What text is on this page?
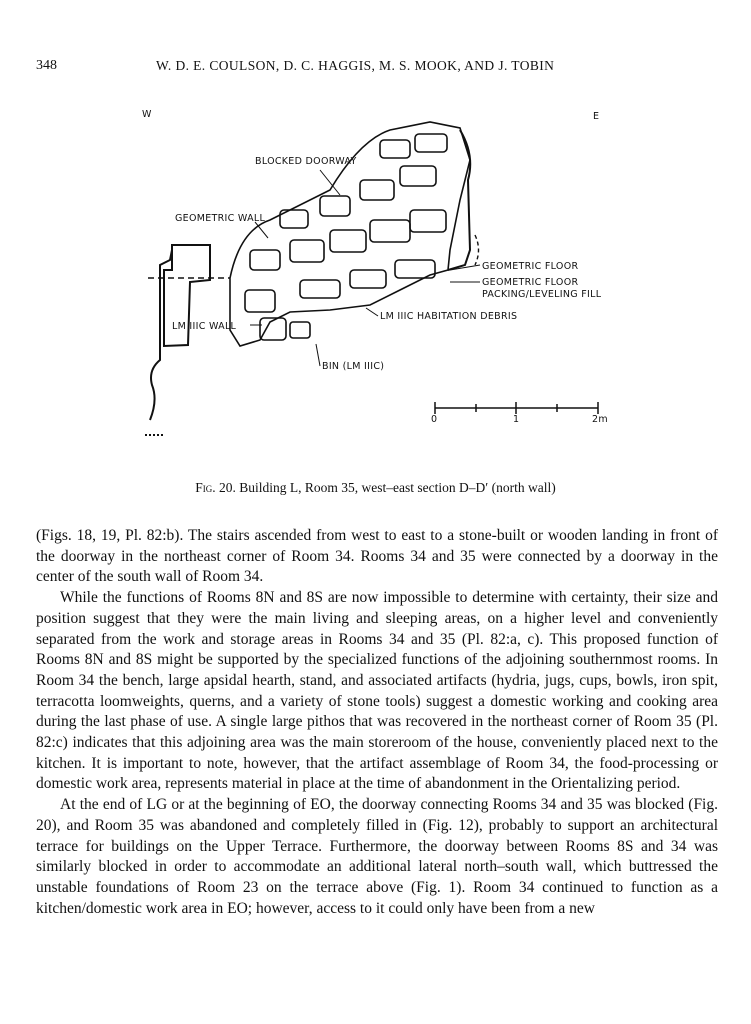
348	W. D. E. COULSON, D. C. HAGGIS, M. S. MOOK, AND J. TOBIN
W	E
BLOCKED DOORWAY
GEOMETRIC WALL
GEOMETRIC FLOOR
GEOMETRIC FLOOR
PACKING/LEVELING FILL
LM IIIC HABITATION DEBRIS
LM IIIC WALL
BIN (LM IIIC)
0	1	2m
Fig. 20. Building L, Room 35, west–east section D–D′ (north wall)

(Figs. 18, 19, Pl. 82:b). The stairs ascended from west to east to a stone-built or wooden landing in front of the doorway in the northeast corner of Room 34. Rooms 34 and 35 were connected by a doorway in the center of the south wall of Room 34.

While the functions of Rooms 8N and 8S are now impossible to determine with certainty, their size and position suggest that they were the main living and sleeping areas, on a higher level and conveniently separated from the work and storage areas in Rooms 34 and 35 (Pl. 82:a, c). This proposed function of Rooms 8N and 8S might be supported by the specialized functions of the adjoining southernmost rooms. In Room 34 the bench, large apsidal hearth, stand, and associated artifacts (hydria, jugs, cups, bowls, iron spit, terracotta loomweights, querns, and a variety of stone tools) suggest a domestic working and cooking area during the last phase of use. A single large pithos that was recovered in the northeast corner of Room 35 (Pl. 82:c) indicates that this adjoining area was the main storeroom of the house, conveniently placed next to the kitchen. It is important to note, however, that the artifact assemblage of Room 34, the food-processing or domestic work area, represents material in place at the time of abandonment in the Orientalizing period.

At the end of LG or at the beginning of EO, the doorway connecting Rooms 34 and 35 was blocked (Fig. 20), and Room 35 was abandoned and completely filled in (Fig. 12), probably to support an architectural terrace for buildings on the Upper Terrace. Furthermore, the doorway between Rooms 8S and 34 was similarly blocked in order to accommodate an additional lateral north–south wall, which buttressed the unstable foundations of Room 23 on the terrace above (Fig. 1). Room 34 continued to function as a kitchen/domestic work area in EO; however, access to it could only have been from a new
